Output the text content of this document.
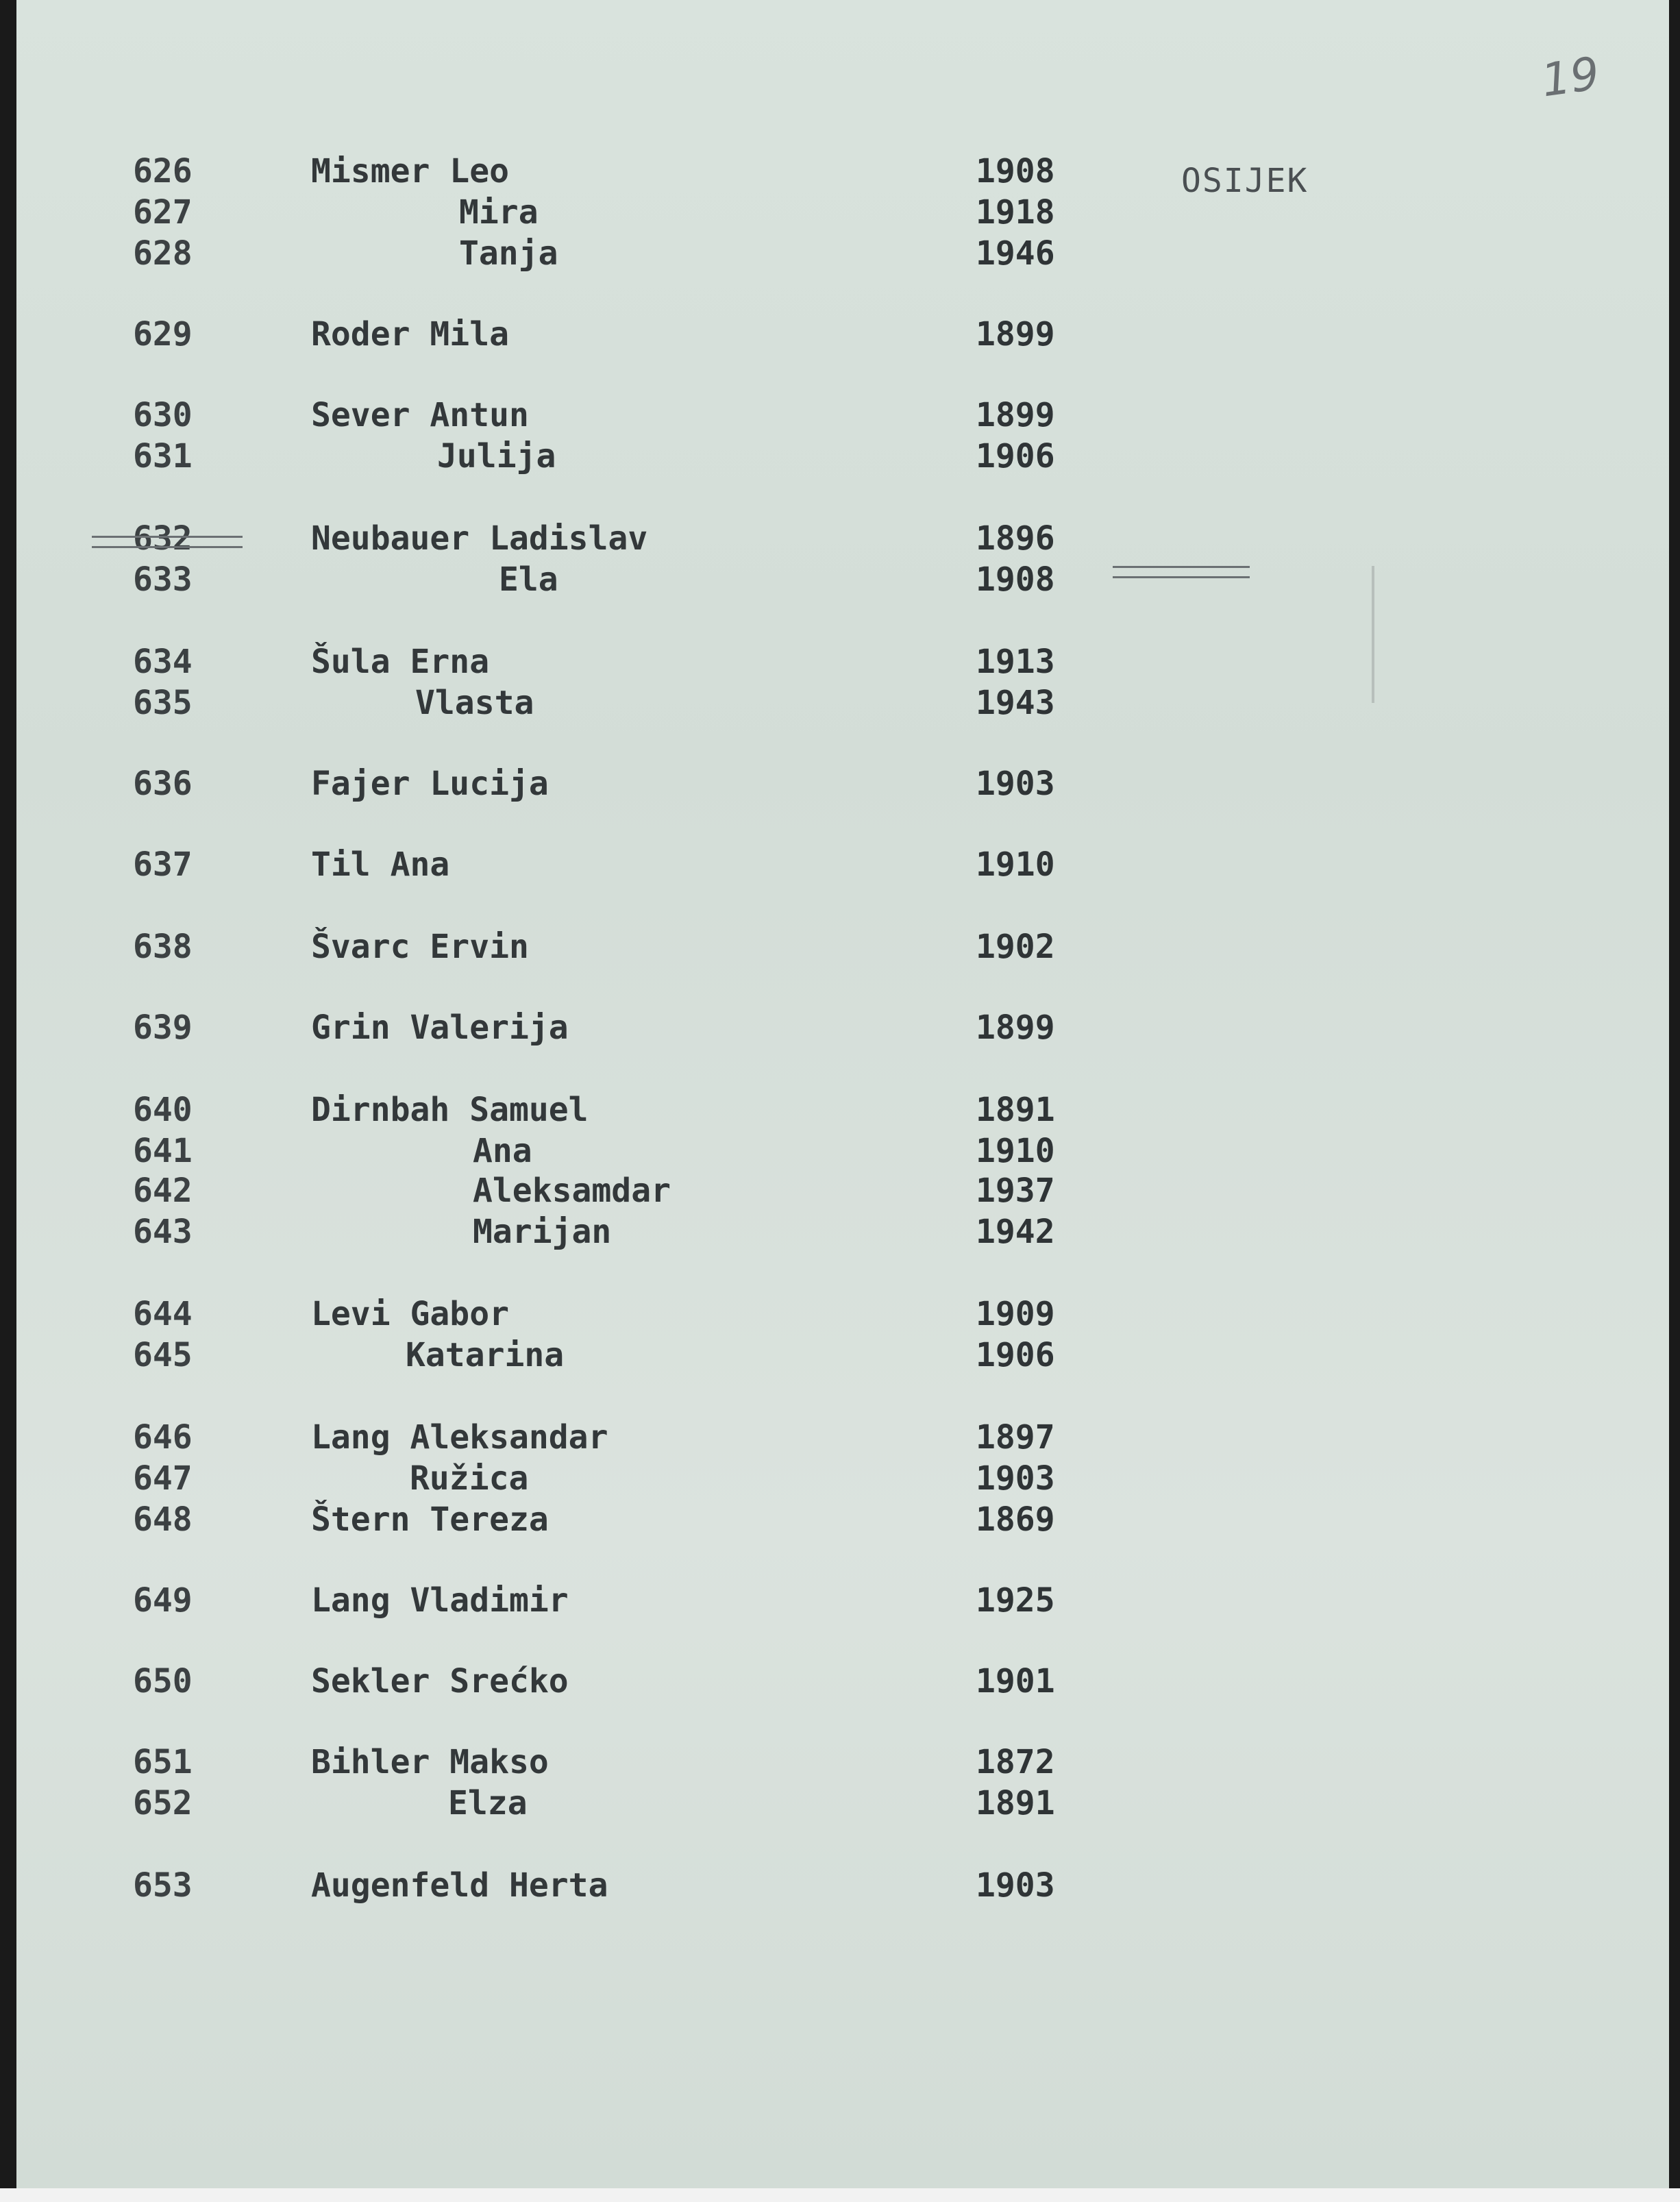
19
OSIJEK
626	Mismer Leo	1908
627	Mira	1918
628	Tanja	1946
629	Roder Mila	1899
630	Sever Antun	1899
631	Julija	1906
632	Neubauer Ladislav	1896
633	Ela	1908
634	Šula Erna	1913
635	Vlasta	1943
636	Fajer Lucija	1903
637	Til Ana	1910
638	Švarc Ervin	1902
639	Grin Valerija	1899
640	Dirnbah Samuel	1891
641	Ana	1910
642	Aleksamdar	1937
643	Marijan	1942
644	Levi Gabor	1909
645	Katarina	1906
646	Lang Aleksandar	1897
647	Ružica	1903
648	Štern Tereza	1869
649	Lang Vladimir	1925
650	Sekler Srećko	1901
651	Bihler Makso	1872
652	Elza	1891
653	Augenfeld Herta	1903
